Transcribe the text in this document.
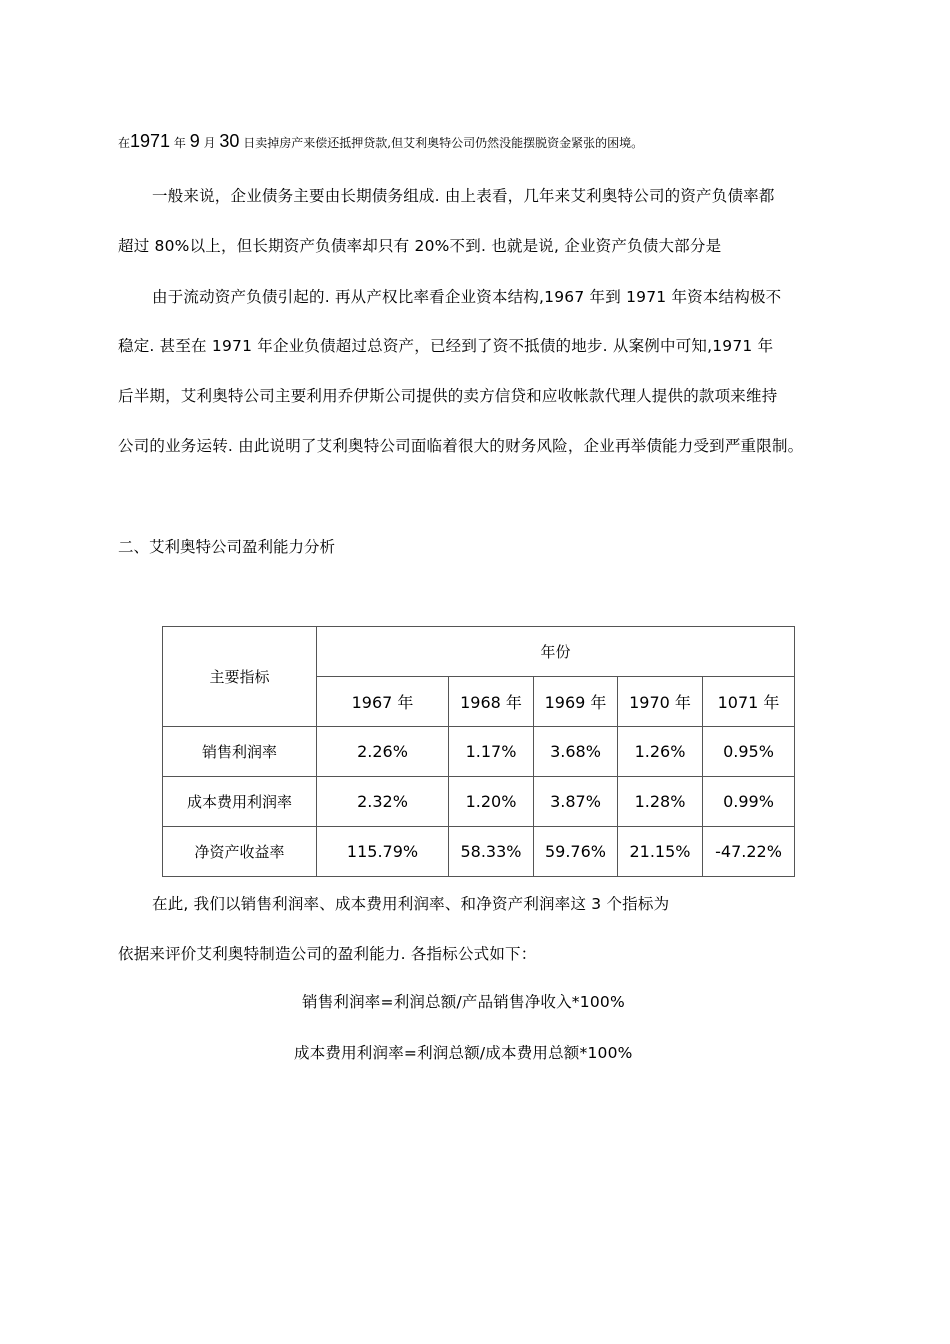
在1971 年 9 月 30 日卖掉房产来偿还抵押贷款,但艾利奥特公司仍然没能摆脱资金紧张的困境。
一般来说，企业债务主要由长期债务组成. 由上表看，几年来艾利奥特公司的资产负债率都
超过 80%以上，但长期资产负债率却只有 20%不到. 也就是说, 企业资产负债大部分是
由于流动资产负债引起的. 再从产权比率看企业资本结构,1967 年到 1971 年资本结构极不
稳定. 甚至在 1971 年企业负债超过总资产，已经到了资不抵债的地步. 从案例中可知,1971 年
后半期，艾利奥特公司主要利用乔伊斯公司提供的卖方信贷和应收帐款代理人提供的款项来维持
公司的业务运转. 由此说明了艾利奥特公司面临着很大的财务风险，企业再举债能力受到严重限制。
二、艾利奥特公司盈利能力分析
主要指标	年份				
	1967 年	1968 年	1969 年	1970 年	1071 年
销售利润率	2.26%	1.17%	3.68%	1.26%	0.95%
成本费用利润率	2.32%	1.20%	3.87%	1.28%	0.99%
净资产收益率	115.79%	58.33%	59.76%	21.15%	-47.22%
在此, 我们以销售利润率、成本费用利润率、和净资产利润率这 3 个指标为
依据来评价艾利奥特制造公司的盈利能力. 各指标公式如下：
销售利润率=利润总额/产品销售净收入*100%
成本费用利润率=利润总额/成本费用总额*100%
